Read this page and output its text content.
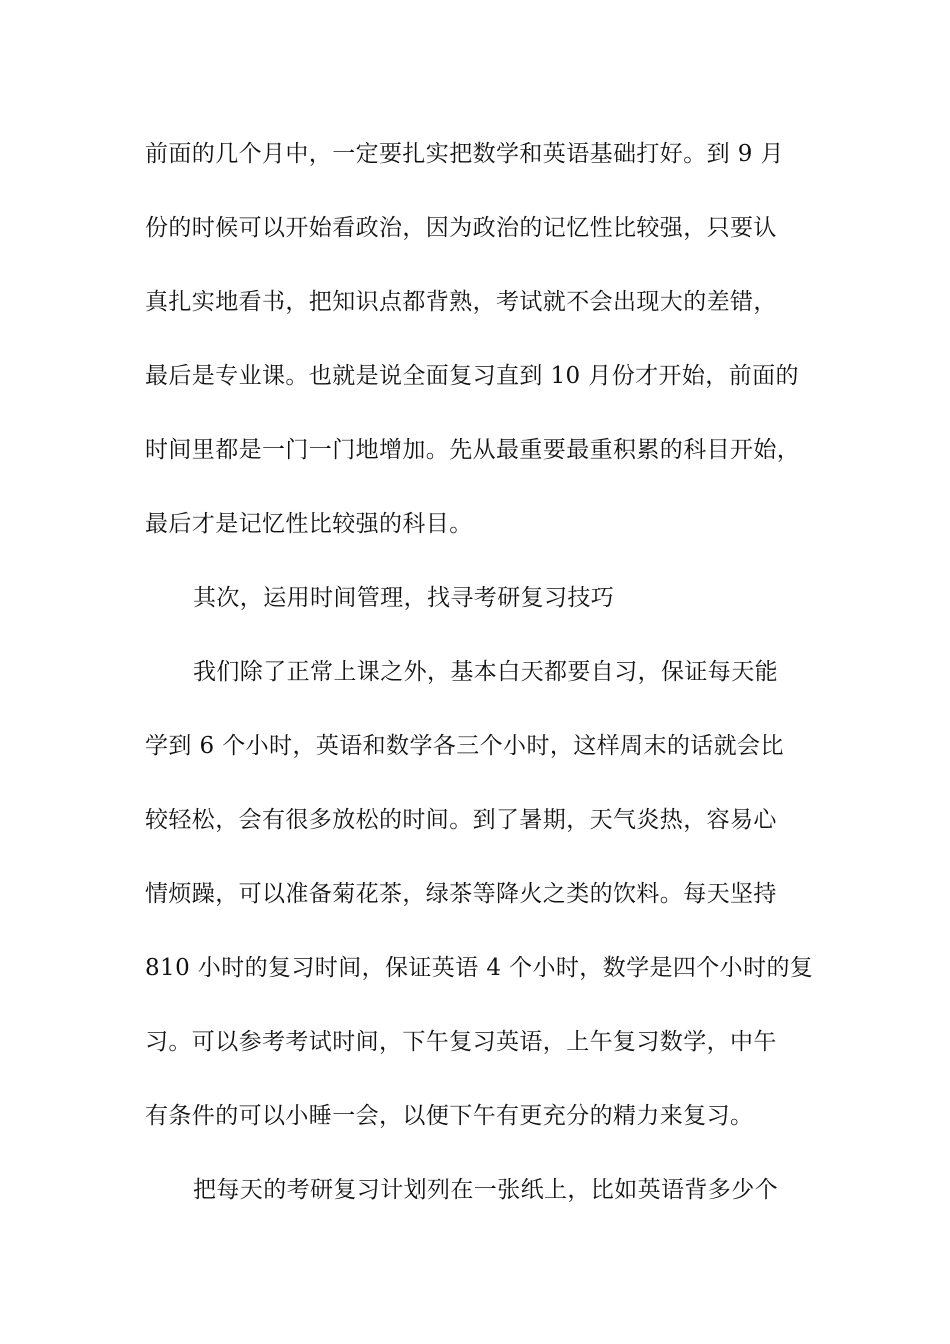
前面的几个月中，一定要扎实把数学和英语基础打好。到 9 月
份的时候可以开始看政治，因为政治的记忆性比较强，只要认
真扎实地看书，把知识点都背熟，考试就不会出现大的差错，
最后是专业课。也就是说全面复习直到 10 月份才开始，前面的
时间里都是一门一门地增加。先从最重要最重积累的科目开始，
最后才是记忆性比较强的科目。
其次，运用时间管理，找寻考研复习技巧
我们除了正常上课之外，基本白天都要自习，保证每天能
学到 6 个小时，英语和数学各三个小时，这样周末的话就会比
较轻松，会有很多放松的时间。到了暑期，天气炎热，容易心
情烦躁，可以准备菊花茶，绿茶等降火之类的饮料。每天坚持
810 小时的复习时间，保证英语 4 个小时，数学是四个小时的复
习。可以参考考试时间，下午复习英语，上午复习数学，中午
有条件的可以小睡一会，以便下午有更充分的精力来复习。
把每天的考研复习计划列在一张纸上，比如英语背多少个
